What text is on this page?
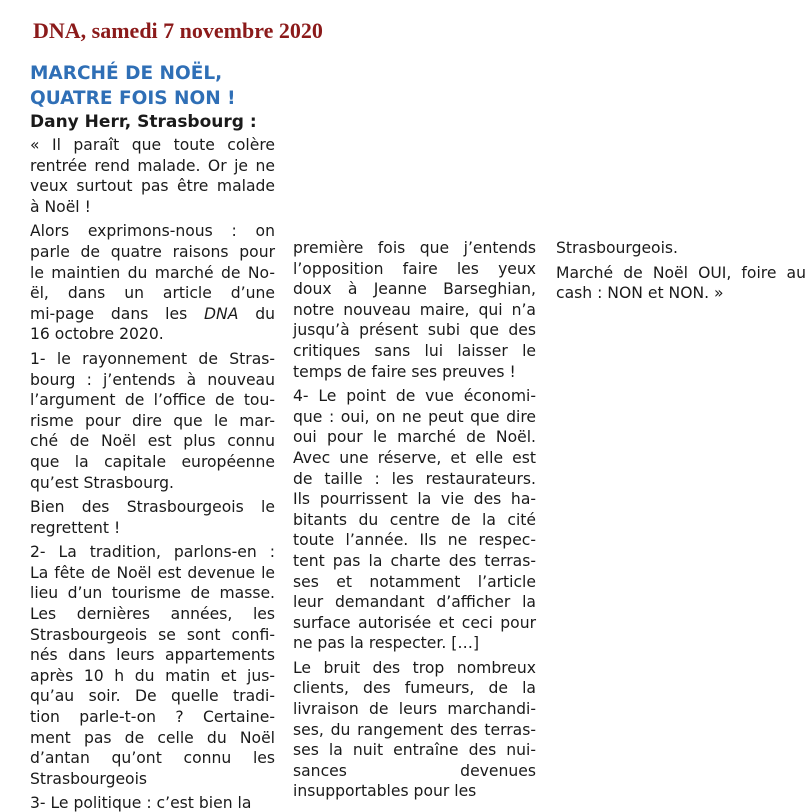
DNA, samedi 7 novembre 2020

MARCHÉ DE NOËL,
QUATRE FOIS NON !

Dany Herr, Strasbourg :

« Il paraît que toute colère
rentrée rend malade. Or je ne
veux surtout pas être malade
à Noël !

Alors exprimons-nous : on
parle de quatre raisons pour
le maintien du marché de No-
ël, dans un article d’une
mi-page dans les DNA du
16 octobre 2020.

1- le rayonnement de Stras-
bourg : j’entends à nouveau
l’argument de l’office de tou-
risme pour dire que le mar-
ché de Noël est plus connu
que la capitale européenne
qu’est Strasbourg.

Bien des Strasbourgeois le
regrettent !

2- La tradition, parlons-en :
La fête de Noël est devenue le
lieu d’un tourisme de masse.
Les dernières années, les
Strasbourgeois se sont confi-
nés dans leurs appartements
après 10 h du matin et jus-
qu’au soir. De quelle tradi-
tion parle-t-on ? Certaine-
ment pas de celle du Noël
d’antan qu’ont connu les
Strasbourgeois

3- Le politique : c’est bien la

première fois que j’entends
l’opposition faire les yeux
doux à Jeanne Barseghian,
notre nouveau maire, qui n’a
jusqu’à présent subi que des
critiques sans lui laisser le
temps de faire ses preuves !

4- Le point de vue économi-
que : oui, on ne peut que dire
oui pour le marché de Noël.
Avec une réserve, et elle est
de taille : les restaurateurs.
Ils pourrissent la vie des ha-
bitants du centre de la cité
toute l’année. Ils ne respec-
tent pas la charte des terras-
ses et notamment l’article
leur demandant d’afficher la
surface autorisée et ceci pour
ne pas la respecter. […]

Le bruit des trop nombreux
clients, des fumeurs, de la
livraison de leurs marchandi-
ses, du rangement des terras-
ses la nuit entraîne des nui-
sances devenues
insupportables pour les

Strasbourgeois.

Marché de Noël OUI, foire au
cash : NON et NON. »
